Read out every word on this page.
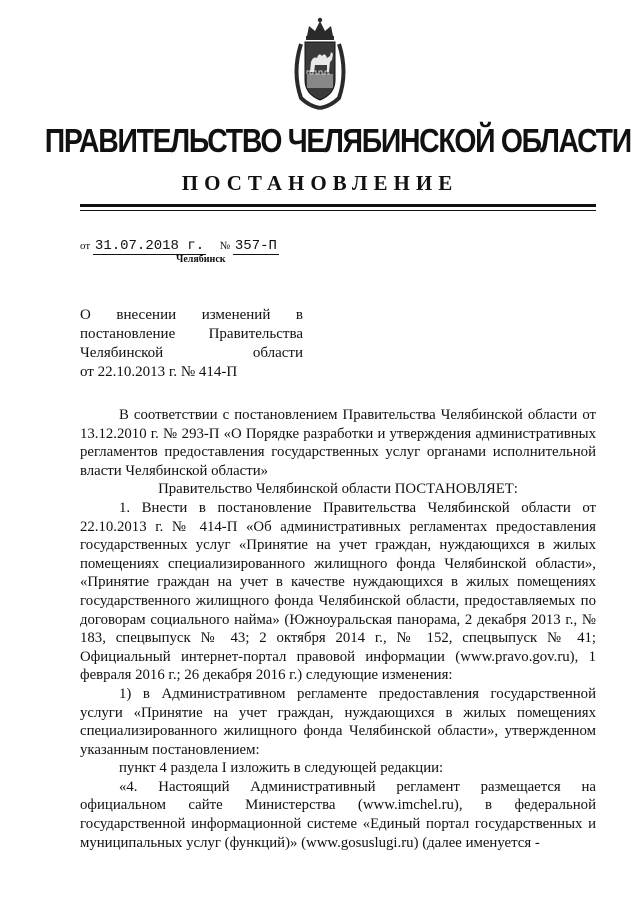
ПРАВИТЕЛЬСТВО ЧЕЛЯБИНСКОЙ ОБЛАСТИ
ПОСТАНОВЛЕНИЕ
от 31.07.2018 г. № 357-П
Челябинск
О внесении изменений в
постановление Правительства
Челябинской области
от 22.10.2013 г. № 414-П

В соответствии с постановлением Правительства Челябинской области от 13.12.2010 г. № 293-П «О Порядке разработки и утверждения административных регламентов предоставления государственных услуг органами исполнительной власти Челябинской области»

Правительство Челябинской области ПОСТАНОВЛЯЕТ:

1. Внести в постановление Правительства Челябинской области от 22.10.2013 г. № 414-П «Об административных регламентах предоставления государственных услуг «Принятие на учет граждан, нуждающихся в жилых помещениях специализированного жилищного фонда Челябинской области», «Принятие граждан на учет в качестве нуждающихся в жилых помещениях государственного жилищного фонда Челябинской области, предоставляемых по договорам социального найма» (Южноуральская панорама, 2 декабря 2013 г., № 183, спецвыпуск № 43; 2 октября 2014 г., № 152, спецвыпуск № 41; Официальный интернет-портал правовой информации (www.pravo.gov.ru), 1 февраля 2016 г.; 26 декабря 2016 г.) следующие изменения:

1) в Административном регламенте предоставления государственной услуги «Принятие на учет граждан, нуждающихся в жилых помещениях специализированного жилищного фонда Челябинской области», утвержденном указанным постановлением:

пункт 4 раздела I изложить в следующей редакции:

«4. Настоящий Административный регламент размещается на официальном сайте Министерства (www.imchel.ru), в федеральной государственной информационной системе «Единый портал государственных и муниципальных услуг (функций)» (www.gosuslugi.ru) (далее именуется -
